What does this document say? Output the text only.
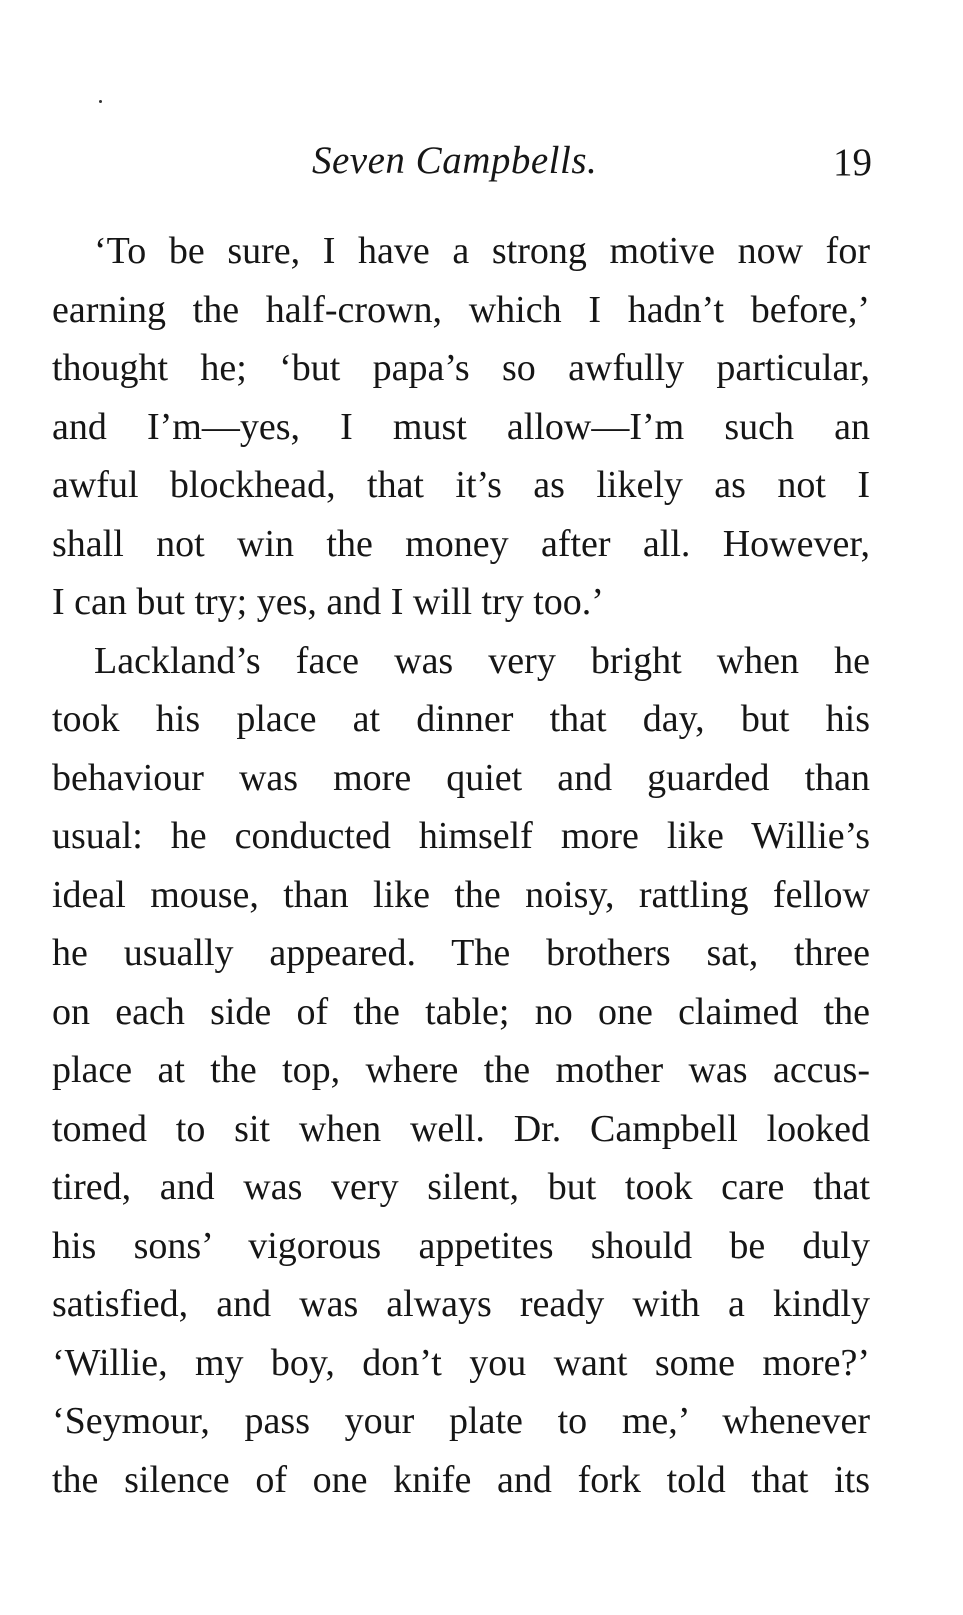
Seven Campbells.	19
‘To be sure, I have a strong motive now for
earning the half-crown, which I hadn’t before,’
thought he; ‘but papa’s so awfully particular,
and I’m—yes, I must allow—I’m such an
awful blockhead, that it’s as likely as not I
shall not win the money after all. However,
I can but try; yes, and I will try too.’
Lackland’s face was very bright when he
took his place at dinner that day, but his
behaviour was more quiet and guarded than
usual: he conducted himself more like Willie’s
ideal mouse, than like the noisy, rattling fellow
he usually appeared. The brothers sat, three
on each side of the table; no one claimed the
place at the top, where the mother was accus-
tomed to sit when well. Dr. Campbell looked
tired, and was very silent, but took care that
his sons’ vigorous appetites should be duly
satisfied, and was always ready with a kindly
‘Willie, my boy, don’t you want some more?’
‘Seymour, pass your plate to me,’ whenever
the silence of one knife and fork told that its
